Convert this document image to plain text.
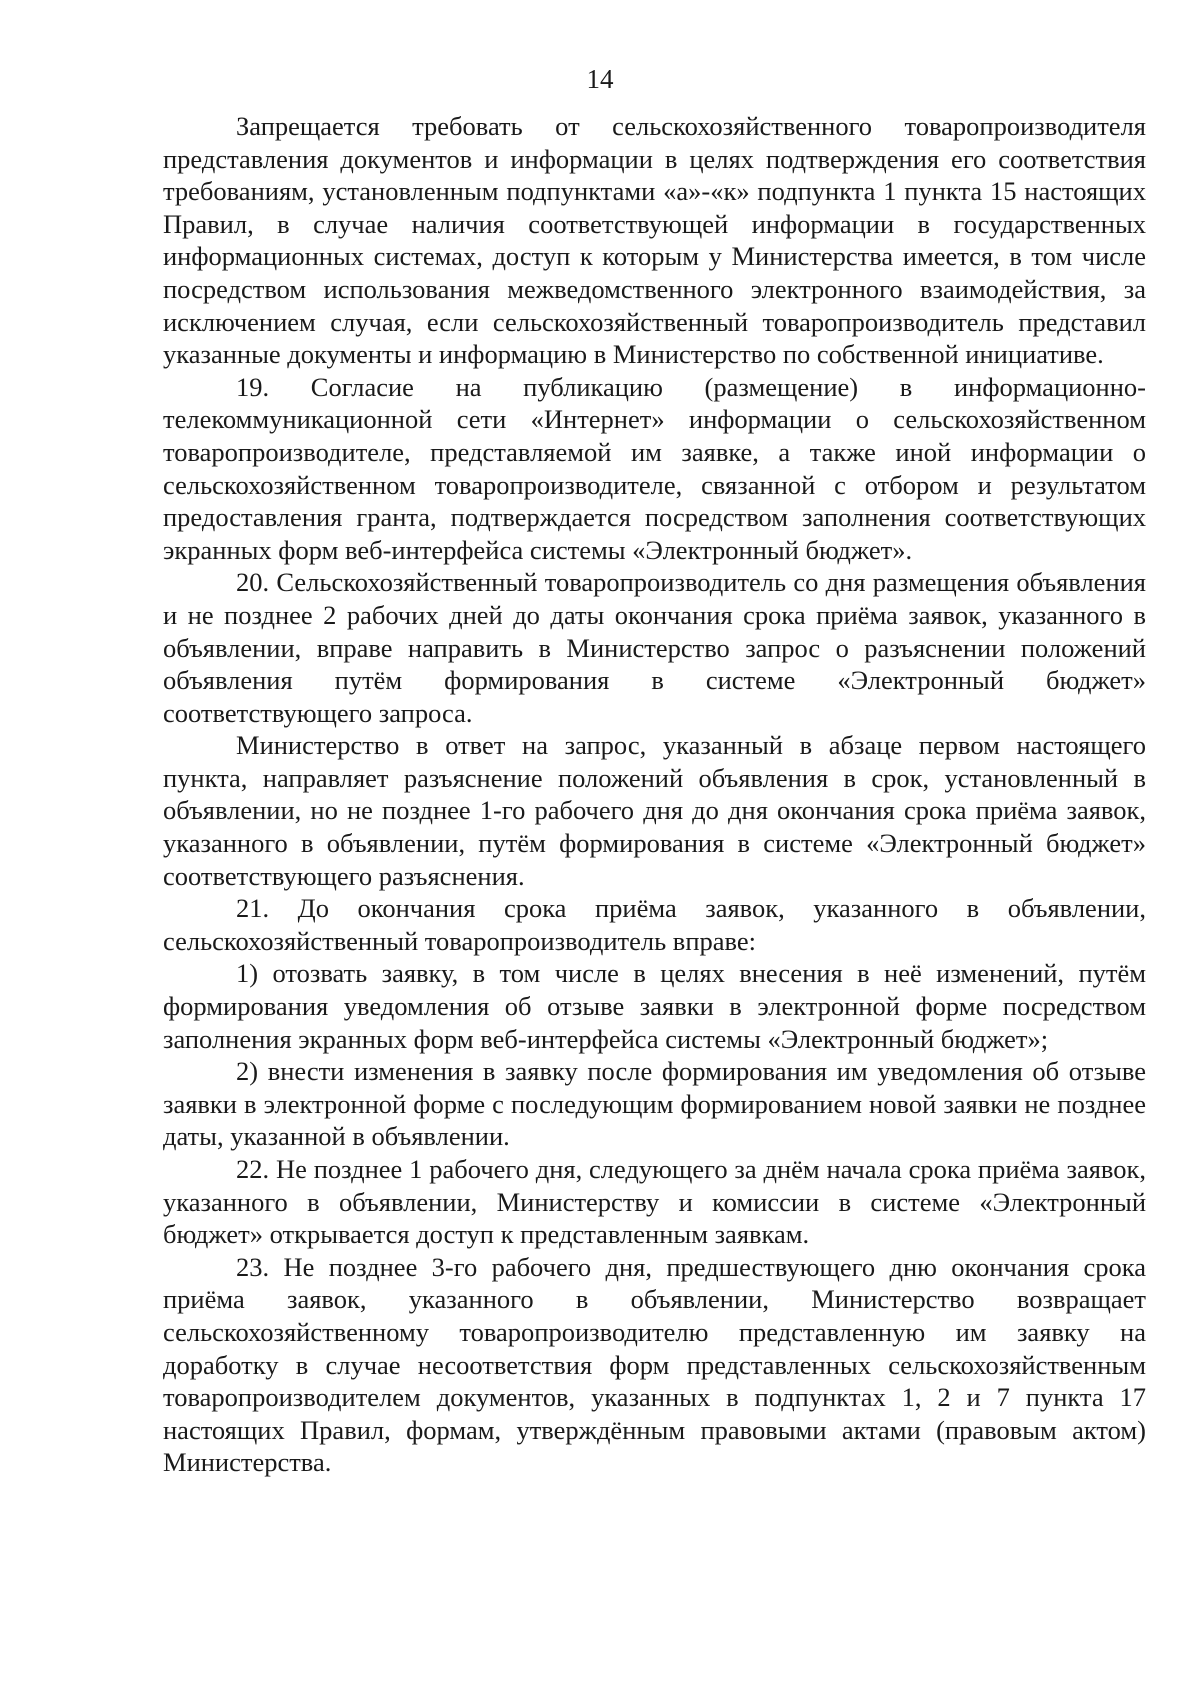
14

Запрещается требовать от сельскохозяйственного товаропроизводителя представления документов и информации в целях подтверждения его соответствия требованиям, установленным подпунктами «а»-«к» подпункта 1 пункта 15 настоящих Правил, в случае наличия соответствующей информации в государственных информационных системах, доступ к которым у Министерства имеется, в том числе посредством использования межведомственного электронного взаимодействия, за исключением случая, если сельскохозяйственный товаропроизводитель представил указанные документы и информацию в Министерство по собственной инициативе.

19. Согласие на публикацию (размещение) в информационно-телекоммуникационной сети «Интернет» информации о сельскохозяйственном товаропроизводителе, представляемой им заявке, а также иной информации о сельскохозяйственном товаропроизводителе, связанной с отбором и результатом предоставления гранта, подтверждается посредством заполнения соответствующих экранных форм веб-интерфейса системы «Электронный бюджет».

20. Сельскохозяйственный товаропроизводитель со дня размещения объявления и не позднее 2 рабочих дней до даты окончания срока приёма заявок, указанного в объявлении, вправе направить в Министерство запрос о разъяснении положений объявления путём формирования в системе «Электронный бюджет» соответствующего запроса.

Министерство в ответ на запрос, указанный в абзаце первом настоящего пункта, направляет разъяснение положений объявления в срок, установленный в объявлении, но не позднее 1-го рабочего дня до дня окончания срока приёма заявок, указанного в объявлении, путём формирования в системе «Электронный бюджет» соответствующего разъяснения.

21. До окончания срока приёма заявок, указанного в объявлении, сельскохозяйственный товаропроизводитель вправе:

1) отозвать заявку, в том числе в целях внесения в неё изменений, путём формирования уведомления об отзыве заявки в электронной форме посредством заполнения экранных форм веб-интерфейса системы «Электронный бюджет»;

2) внести изменения в заявку после формирования им уведомления об отзыве заявки в электронной форме с последующим формированием новой заявки не позднее даты, указанной в объявлении.

22. Не позднее 1 рабочего дня, следующего за днём начала срока приёма заявок, указанного в объявлении, Министерству и комиссии в системе «Электронный бюджет» открывается доступ к представленным заявкам.

23. Не позднее 3-го рабочего дня, предшествующего дню окончания срока приёма заявок, указанного в объявлении, Министерство возвращает сельскохозяйственному товаропроизводителю представленную им заявку на доработку в случае несоответствия форм представленных сельскохозяйственным товаропроизводителем документов, указанных в подпунктах 1, 2 и 7 пункта 17 настоящих Правил, формам, утверждённым правовыми актами (правовым актом) Министерства.
